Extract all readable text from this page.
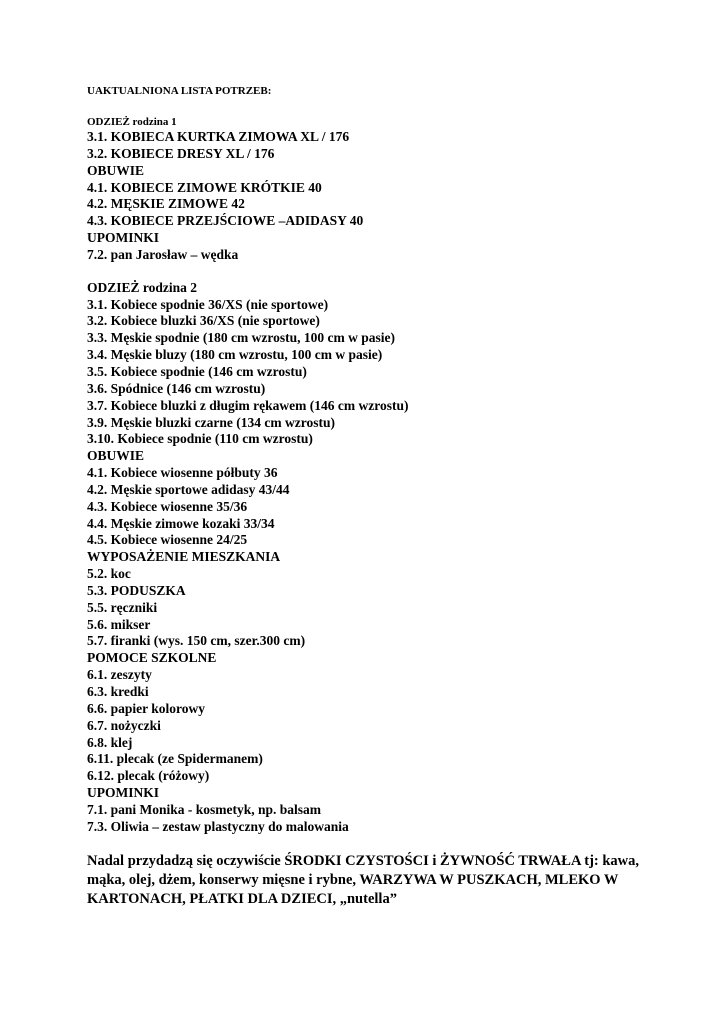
UAKTUALNIONA LISTA POTRZEB:
ODZIEŻ rodzina 1
3.1. KOBIECA KURTKA ZIMOWA XL / 176
3.2. KOBIECE DRESY XL / 176
OBUWIE
4.1. KOBIECE ZIMOWE KRÓTKIE 40
4.2. MĘSKIE ZIMOWE 42
4.3. KOBIECE PRZEJŚCIOWE –ADIDASY 40
UPOMINKI
7.2. pan Jarosław – wędka
ODZIEŻ rodzina 2
3.1. Kobiece spodnie 36/XS (nie sportowe)
3.2. Kobiece bluzki 36/XS (nie sportowe)
3.3. Męskie spodnie (180 cm wzrostu, 100 cm w pasie)
3.4. Męskie bluzy (180 cm wzrostu, 100 cm w pasie)
3.5. Kobiece spodnie (146 cm wzrostu)
3.6. Spódnice (146 cm wzrostu)
3.7. Kobiece bluzki z długim rękawem (146 cm wzrostu)
3.9. Męskie bluzki czarne (134 cm wzrostu)
3.10. Kobiece spodnie (110 cm wzrostu)
OBUWIE
4.1. Kobiece wiosenne półbuty 36
4.2. Męskie sportowe adidasy 43/44
4.3. Kobiece wiosenne 35/36
4.4. Męskie zimowe kozaki 33/34
4.5. Kobiece wiosenne 24/25
WYPOSAŻENIE MIESZKANIA
5.2. koc
5.3. PODUSZKA
5.5. ręczniki
5.6. mikser
5.7. firanki (wys. 150 cm, szer.300 cm)
POMOCE SZKOLNE
6.1. zeszyty
6.3. kredki
6.6. papier kolorowy
6.7. nożyczki
6.8. klej
6.11. plecak (ze Spidermanem)
6.12. plecak (różowy)
UPOMINKI
7.1. pani Monika - kosmetyk, np. balsam
7.3. Oliwia – zestaw plastyczny do malowania
Nadal przydadzą się oczywiście ŚRODKI CZYSTOŚCI i ŻYWNOŚĆ TRWAŁA tj: kawa, mąka, olej, dżem, konserwy mięsne i rybne, WARZYWA W PUSZKACH, MLEKO W KARTONACH, PŁATKI DLA DZIECI, „nutella”
